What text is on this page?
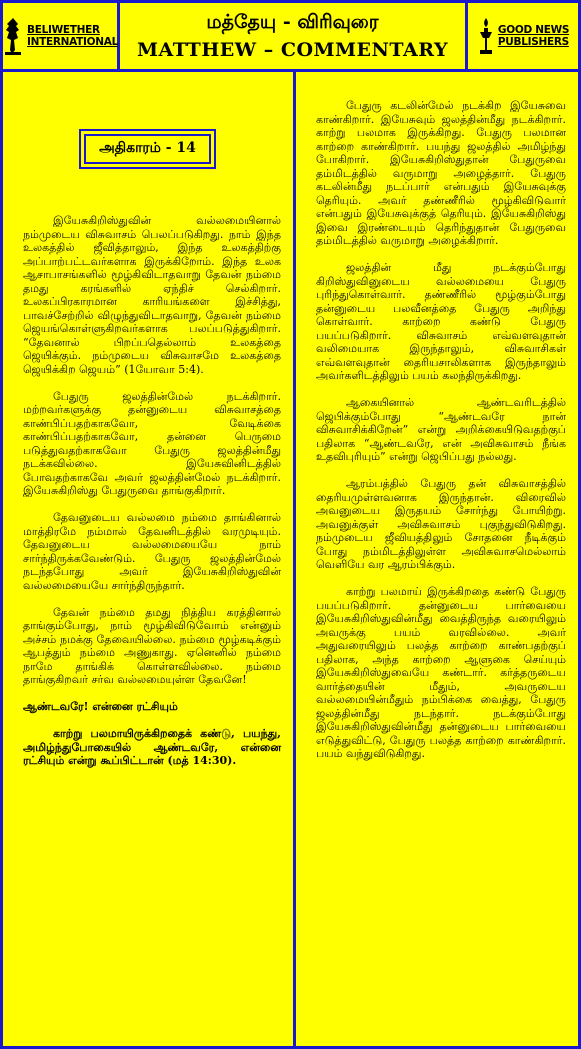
BELIWETHER
INTERNATIONAL
மத்தேயு - விரிவுரை
MATTHEW – COMMENTARY
GOOD NEWS
PUBLISHERS
அதிகாரம் - 14

இயேசுகிறிஸ்துவின் வல்லமையினால் நம்முடைய விசுவாசம் பெலப்படுகிறது. நாம் இந்த உலகத்தில் ஜீவித்தாலும், இந்த உலகத்திற்கு அப்பாற்பட்டவர்களாக இருக்கிறோம். இந்த உலக ஆசாபாசங்களில் மூழ்கிவிடாதவாறு தேவன் நம்மை தமது கரங்களில் ஏந்திச் செல்கிறார். உலகப்பிரகாரமான காரியங்களை இச்சித்து, பாவச்சேற்றில் விழுந்துவிடாதவாறு, தேவன் நம்மை ஜெயங்கொள்ளுகிறவர்களாக பலப்படுத்துகிறார். “தேவனால் பிறப்பதெல்லாம் உலகத்தை ஜெயிக்கும். நம்முடைய விசுவாசமே உலகத்தை ஜெயிக்கிற ஜெயம்” (1யோவா 5:4).

பேதுரு ஜலத்தின்மேல் நடக்கிறார். மற்றவர்களுக்கு தன்னுடைய விசுவாசத்தை காண்பிப்பதற்காகவோ, வேடிக்கை காண்பிப்பதற்காகவோ, தன்னை பெருமை படுத்துவதற்காகவோ பேதுரு ஜலத்தின்மீது நடக்கவில்லை. இயேசுவினிடத்தில் போவதற்காகவே அவர் ஜலத்தின்மேல் நடக்கிறார். இயேசுகிறிஸ்து பேதுருவை தாங்குகிறார்.

தேவனுடைய வல்லமை நம்மை தாங்கினால் மாத்திரமே நம்மால் தேவனிடத்தில் வரமுடியும். தேவனுடைய வல்லமையையே நாம் சார்ந்திருக்கவேண்டும். பேதுரு ஜலத்தின்மேல் நடந்தபோது அவர் இயேசுகிறிஸ்துவின் வல்லமையையே சார்ந்திருந்தார்.

தேவன் நம்மை தமது நித்திய கரத்தினால் தாங்கும்போது, நாம் மூழ்கிவிடுவோம் என்னும் அச்சம் நமக்கு தேவையில்லை. நம்மை மூழ்கடிக்கும் ஆபத்தும் நம்மை அணுகாது. ஏனெனில் நம்மை நாமே தாங்கிக் கொள்ளவில்லை. நம்மை தாங்குகிறவர் சர்வ வல்லமையுள்ள தேவனே!

ஆண்டவரே! என்னை ரட்சியும்

காற்று பலமாயிருக்கிறதைக் கண்டு, பயந்து, அமிழ்ந்துபோகையில் ஆண்டவரே, என்னை ரட்சியும் என்று கூப்பிட்டான் (மத் 14:30).

பேதுரு கடலின்மேல் நடக்கிற இயேசுவை காண்கிறார். இயேசுவும் ஜலத்தின்மீது நடக்கிறார். காற்று பலமாக இருக்கிறது. பேதுரு பலமான காற்றை காண்கிறார். பயந்து ஜலத்தில் அமிழ்ந்து போகிறார். இயேசுகிறிஸ்துதான் பேதுருவை தம்மிடத்தில் வருமாறு அழைத்தார். பேதுரு கடலின்மீது நடப்பார் என்பதும் இயேசுவுக்கு தெரியும். அவர் தண்ணீரில் மூழ்கிவிடுவார் என்பதும் இயேசுவுக்குத் தெரியும். இயேசுகிறிஸ்து இவை இரண்டையும் தெரிந்துதான் பேதுருவை தம்மிடத்தில் வருமாறு அழைக்கிறார்.

ஜலத்தின் மீது நடக்கும்போது கிறிஸ்துவினுடைய வல்லமையை பேதுரு புரிந்துகொள்வார். தண்ணீரில் மூழ்கும்போது தன்னுடைய பலவீனத்தை பேதுரு அறிந்து கொள்வார். காற்றை கண்டு பேதுரு பயப்படுகிறார். விசுவாசம் எவ்வளவுதான் வலிமையாக இருந்தாலும், விசுவாசிகள் எவ்வளவுதான் தைரியசாலிகளாக இருந்தாலும் அவர்களிடத்திலும் பயம் கலந்திருக்கிறது.

ஆகையினால் ஆண்டவரிடத்தில் ஜெபிக்கும்போது “ஆண்டவரே நான் விசுவாசிக்கிறேன்” என்று அறிக்கையிடுவதற்குப் பதிலாக “ஆண்டவரே, என் அவிசுவாசம் நீங்க உதவிபுரியும்” என்று ஜெபிப்பது நல்லது.

ஆரம்பத்தில் பேதுரு தன் விசுவாசத்தில் தைரியமுள்ளவனாக இருந்தான். விரைவில் அவனுடைய இருதயம் சோர்ந்து போயிற்று. அவனுக்குள் அவிசுவாசம் புகுந்துவிடுகிறது. நம்முடைய ஜீவியத்திலும் சோதனை நீடிக்கும் போது நம்மிடத்திலுள்ள அவிசுவாசமெல்லாம் வெளியே வர ஆரம்பிக்கும்.

காற்று பலமாய் இருக்கிறதை கண்டு பேதுரு பயப்படுகிறார். தன்னுடைய பார்வையை இயேசுகிறிஸ்துவின்மீது வைத்திருந்த வரையிலும் அவருக்கு பயம் வரவில்லை. அவர் அதுவரையிலும் பலத்த காற்றை காண்பதற்குப் பதிலாக, அந்த காற்றை ஆளுகை செய்யும் இயேசுகிறிஸ்துவையே கண்டார். கர்த்தருடைய வார்த்தையின் மீதும், அவருடைய வல்லமையின்மீதும் நம்பிக்கை வைத்து, பேதுரு ஜலத்தின்மீது நடந்தார். நடக்கும்போது இயேசுகிறிஸ்துவின்மீது தன்னுடைய பார்வையை எடுத்துவிட்டு, பேதுரு பலத்த காற்றை காண்கிறார். பயம் வந்துவிடுகிறது.
